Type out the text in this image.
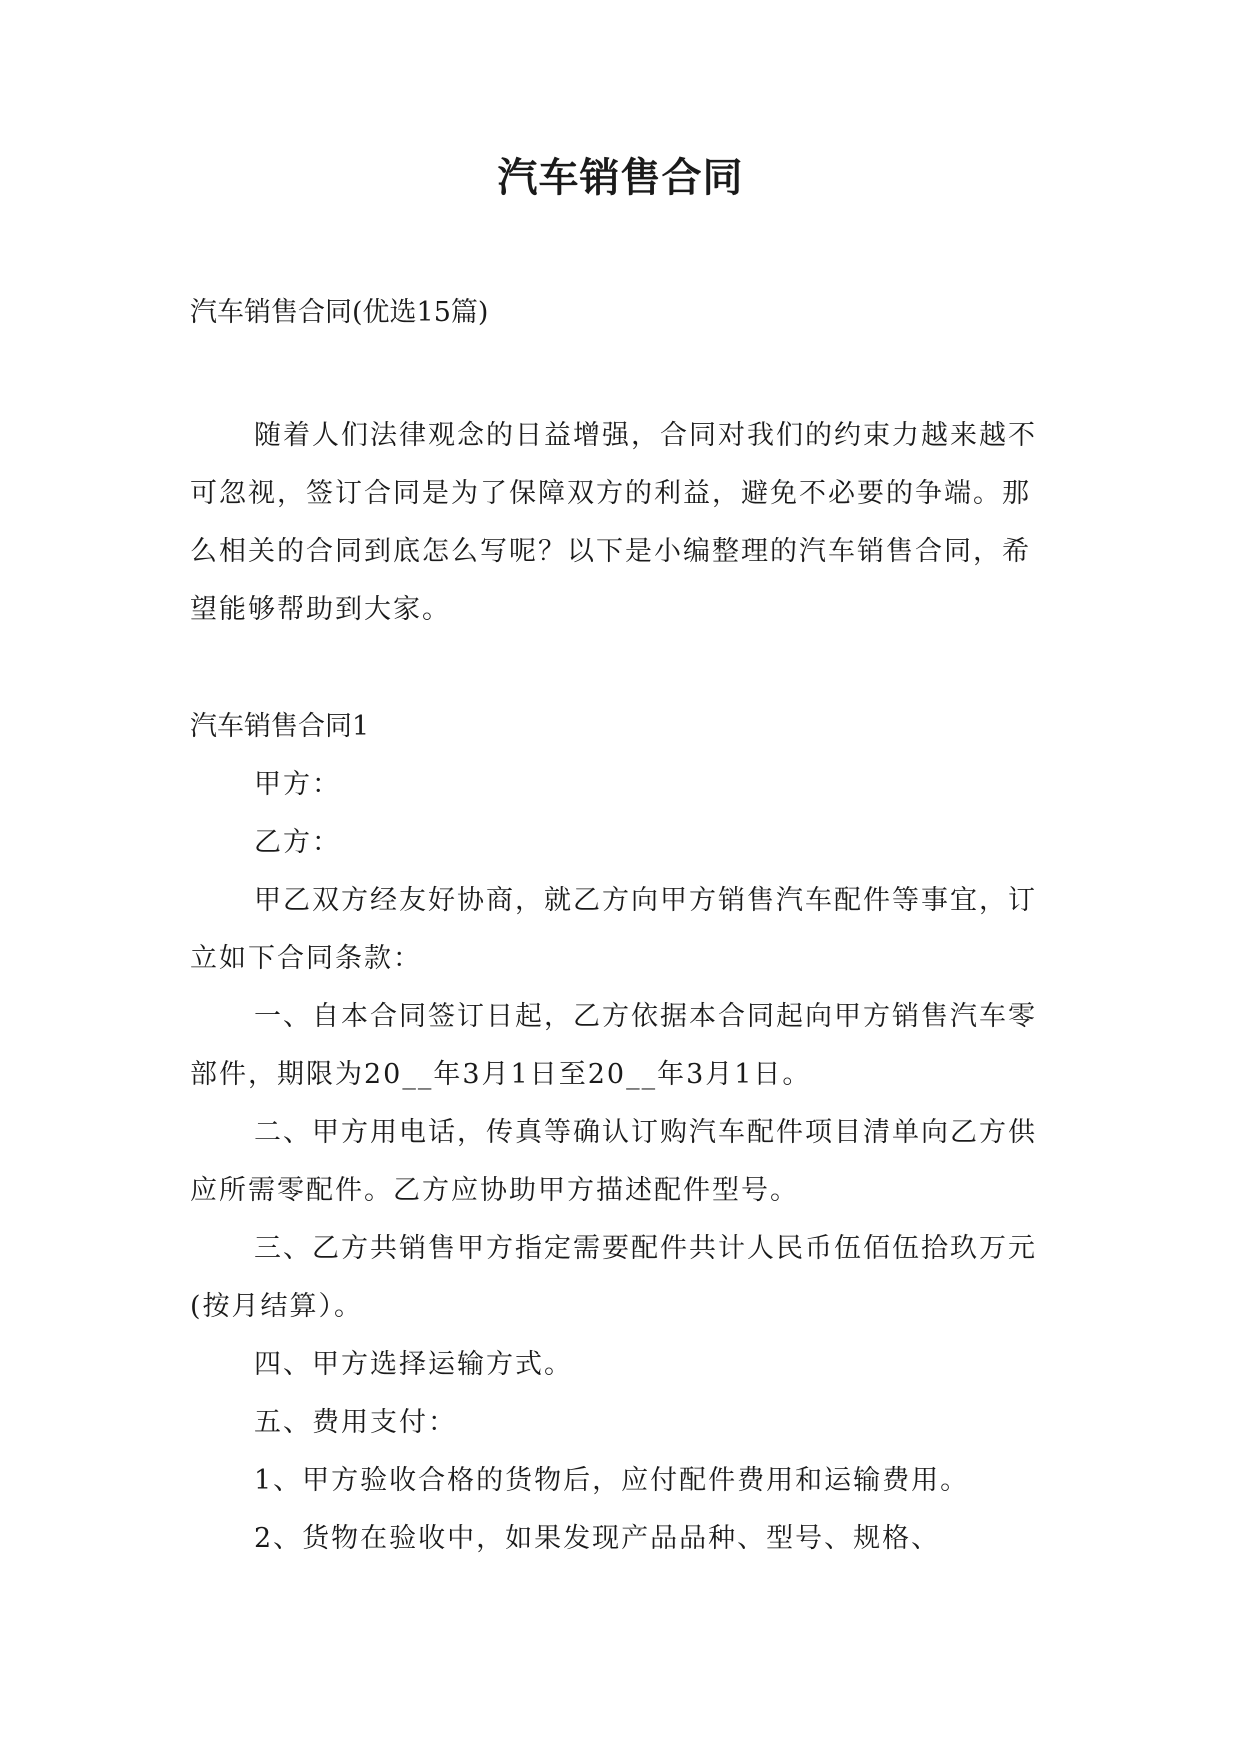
汽车销售合同

汽车销售合同(优选15篇)

随着人们法律观念的日益增强，合同对我们的约束力越来越不可忽视，签订合同是为了保障双方的利益，避免不必要的争端。那么相关的合同到底怎么写呢？以下是小编整理的汽车销售合同，希望能够帮助到大家。

汽车销售合同1

甲方：

乙方：

甲乙双方经友好协商，就乙方向甲方销售汽车配件等事宜，订立如下合同条款：

一、自本合同签订日起，乙方依据本合同起向甲方销售汽车零部件，期限为20__年3月1日至20__年3月1日。

二、甲方用电话，传真等确认订购汽车配件项目清单向乙方供应所需零配件。乙方应协助甲方描述配件型号。

三、乙方共销售甲方指定需要配件共计人民币伍佰伍拾玖万元(按月结算）。

四、甲方选择运输方式。

五、费用支付：

1、甲方验收合格的货物后，应付配件费用和运输费用。

2、货物在验收中，如果发现产品品种、型号、规格、
